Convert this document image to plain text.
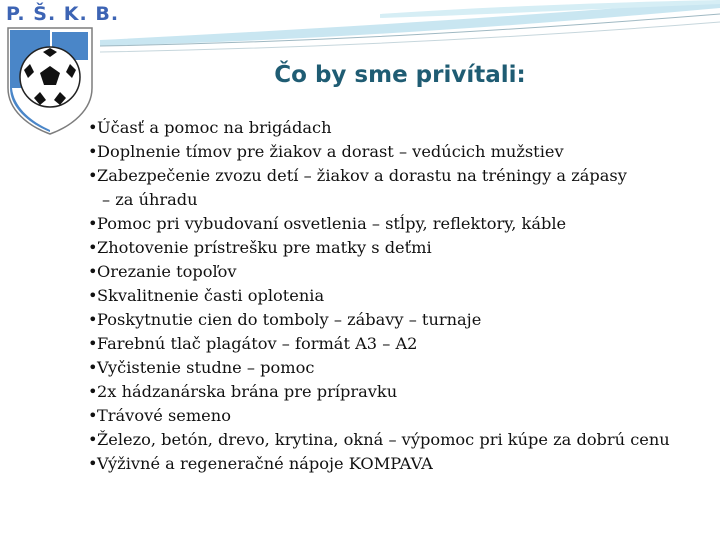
P. Š. K. B.
Čo by sme privítali:
•Účasť a pomoc na brigádach
•Doplnenie tímov pre žiakov a dorast – vedúcich mužstiev
•Zabezpečenie zvozu detí – žiakov a dorastu na tréningy a zápasy
– za úhradu
•Pomoc pri vybudovaní osvetlenia – stĺpy, reflektory, káble
•Zhotovenie prístrešku pre matky s deťmi
•Orezanie topoľov
•Skvalitnenie časti oplotenia
•Poskytnutie cien do tomboly – zábavy – turnaje
•Farebnú tlač plagátov – formát A3 – A2
•Vyčistenie studne – pomoc
•2x hádzanárska brána pre prípravku
•Trávové semeno
•Železo, betón, drevo, krytina, okná – výpomoc pri kúpe za dobrú cenu
•Výživné a regeneračné nápoje KOMPAVA
